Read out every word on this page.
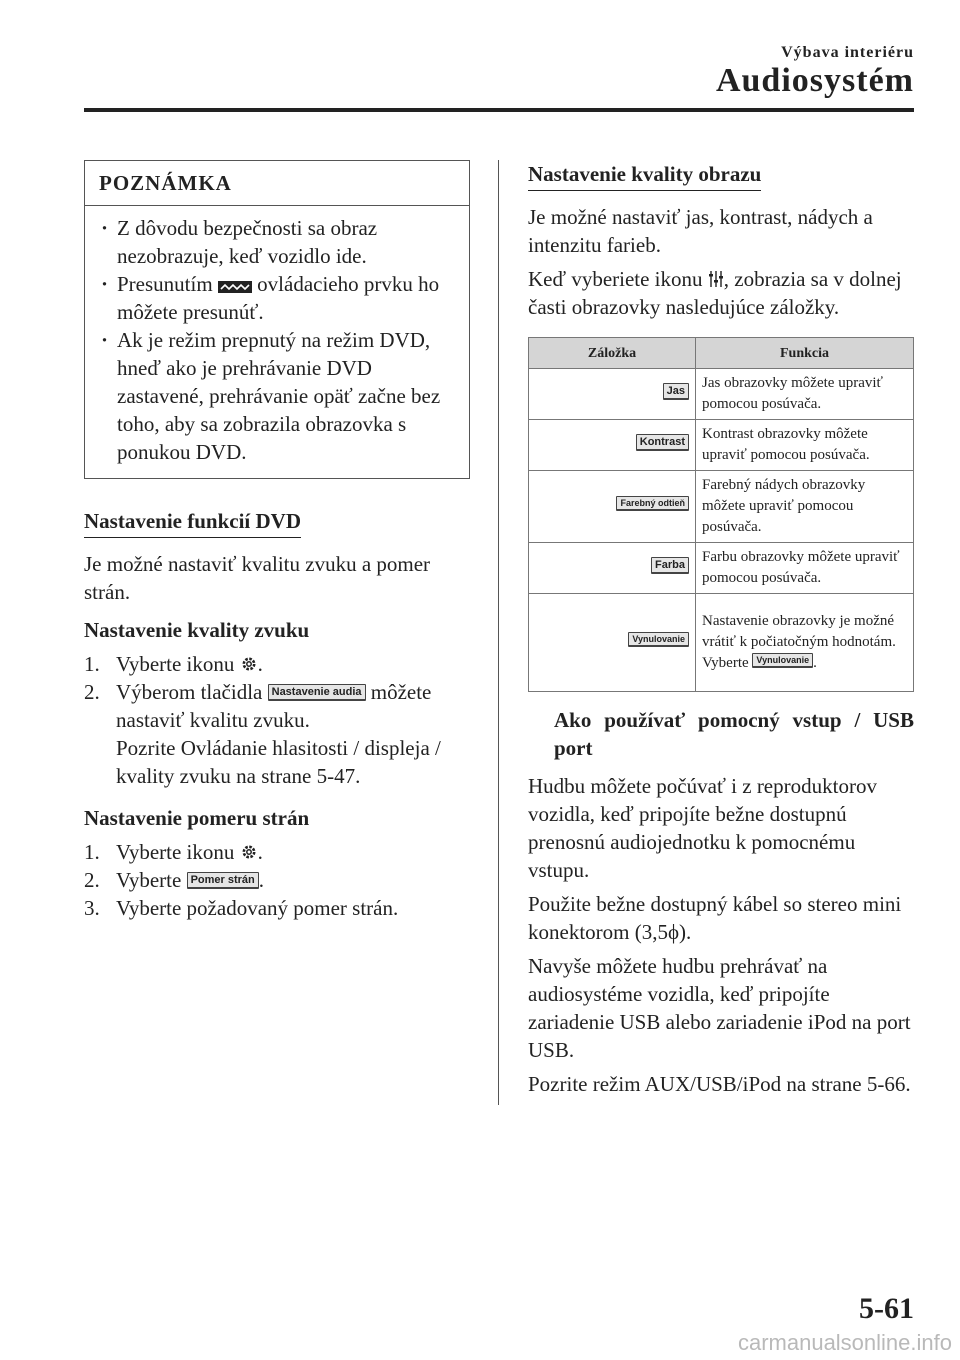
Výbava interiéru
Audiosystém
POZNÁMKA
· Z dôvodu bezpečnosti sa obraz nezobrazuje, keď vozidlo ide.
· Presunutím ovládacieho prvku ho môžete presunúť.
· Ak je režim prepnutý na režim DVD, hneď ako je prehrávanie DVD zastavené, prehrávanie opäť začne bez toho, aby sa zobrazila obrazovka s ponukou DVD.
Nastavenie funkcií DVD

Je možné nastaviť kvalitu zvuku a pomer strán.

Nastavenie kvality zvuku
1. Vyberte ikonu .
2. Výberom tlačidla Nastavenie audia môžete nastaviť kvalitu zvuku.
Pozrite Ovládanie hlasitosti / displeja / kvality zvuku na strane 5-47.
Nastavenie pomeru strán
1. Vyberte ikonu .
2. Vyberte Pomer strán .
3. Vyberte požadovaný pomer strán.
Nastavenie kvality obrazu

Je možné nastaviť jas, kontrast, nádych a intenzitu farieb.

Keď vyberiete ikonu , zobrazia sa v dolnej časti obrazovky nasledujúce záložky.

Záložka	Funkcia
Jas	Jas obrazovky môžete upraviť pomocou posúvača.
Kontrast	Kontrast obrazovky môžete upraviť pomocou posúvača.
Farebný odtieň	Farebný nádych obrazovky môžete upraviť pomocou posúvača.
Farba	Farbu obrazovky môžete upraviť pomocou posúvača.
Vynulovanie	Nastavenie obrazovky je možné vrátiť k počiatočným hodnotám.
Vyberte Vynulovanie .
Ako používať pomocný vstup / USB port

Hudbu môžete počúvať i z reproduktorov vozidla, keď pripojíte bežne dostupnú prenosnú audiojednotku k pomocnému vstupu.

Použite bežne dostupný kábel so stereo mini konektorom (3,5ϕ).

Navyše môžete hudbu prehrávať na audiosystéme vozidla, keď pripojíte zariadenie USB alebo zariadenie iPod na port USB.

Pozrite režim AUX/USB/iPod na strane 5-66.

5-61
carmanualsonline.info
